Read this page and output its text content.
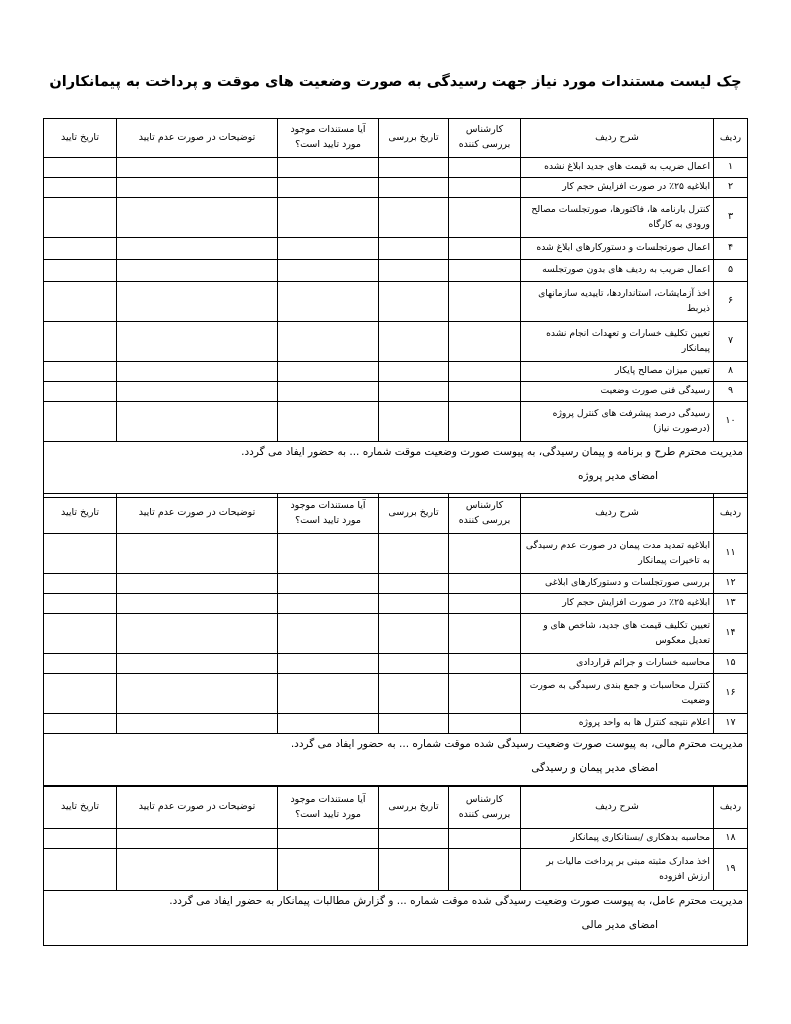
چک لیست مستندات مورد نیاز جهت رسیدگی به صورت وضعیت های موقت و پرداخت به پیمانکاران
ردیف	شرح ردیف	کارشناس بررسی کننده	تاریخ بررسی	آیا مستندات موجود مورد تایید است؟	توضیحات در صورت عدم تایید	تاریخ تایید
۱	اعمال ضریب به قیمت های جدید ابلاغ نشده					
۲	ابلاغیه ۲۵٪ در صورت افزایش حجم کار					
۳	کنترل بارنامه ها، فاکتورها، صورتجلسات مصالح ورودی به کارگاه					
۴	اعمال صورتجلسات و دستورکارهای ابلاغ شده					
۵	اعمال ضریب به ردیف های بدون صورتجلسه					
۶	اخذ آزمایشات، استانداردها، تاییدیه سازمانهای ذیربط					
۷	تعیین تکلیف خسارات و تعهدات انجام نشده پیمانکار					
۸	تعیین میزان مصالح پایکار					
۹	رسیدگی فنی صورت وضعیت					
۱۰	رسیدگی درصد پیشرفت های کنترل پروژه (درصورت نیاز)					

مدیریت محترم طرح و برنامه و پیمان رسیدگی، به پیوست صورت وضعیت موقت شماره ... به حضور ایفاد می گردد.
امضای مدیر پروژه						
ردیف	شرح ردیف	کارشناس بررسی کننده	تاریخ بررسی	آیا مستندات موجود مورد تایید است؟	توضیحات در صورت عدم تایید	تاریخ تایید
۱۱	ابلاغیه تمدید مدت پیمان در صورت عدم رسیدگی به تاخیرات پیمانکار					
۱۲	بررسی صورتجلسات و دستورکارهای ابلاغی					
۱۳	ابلاغیه ۲۵٪ در صورت افزایش حجم کار					
۱۴	تعیین تکلیف قیمت های جدید، شاخص های و تعدیل معکوس					
۱۵	محاسبه خسارات و جرائم قراردادی					
۱۶	کنترل محاسبات و جمع بندی رسیدگی به صورت وضعیت					
۱۷	اعلام نتیجه کنترل ها به واحد پروژه					

مدیریت محترم مالی، به پیوست صورت وضعیت رسیدگی شده موقت شماره ... به حضور ایفاد می گردد.
امضای مدیر پیمان و رسیدگی						
ردیف	شرح ردیف	کارشناس بررسی کننده	تاریخ بررسی	آیا مستندات موجود مورد تایید است؟	توضیحات در صورت عدم تایید	تاریخ تایید
۱۸	محاسبه بدهکاری /بستانکاری پیمانکار					
۱۹	اخذ مدارک مثبته مبنی بر پرداخت مالیات بر ارزش افزوده					

مدیریت محترم عامل، به پیوست صورت وضعیت رسیدگی شده موقت شماره ... و گزارش مطالبات پیمانکار به حضور ایفاد می گردد.
امضای مدیر مالی						
